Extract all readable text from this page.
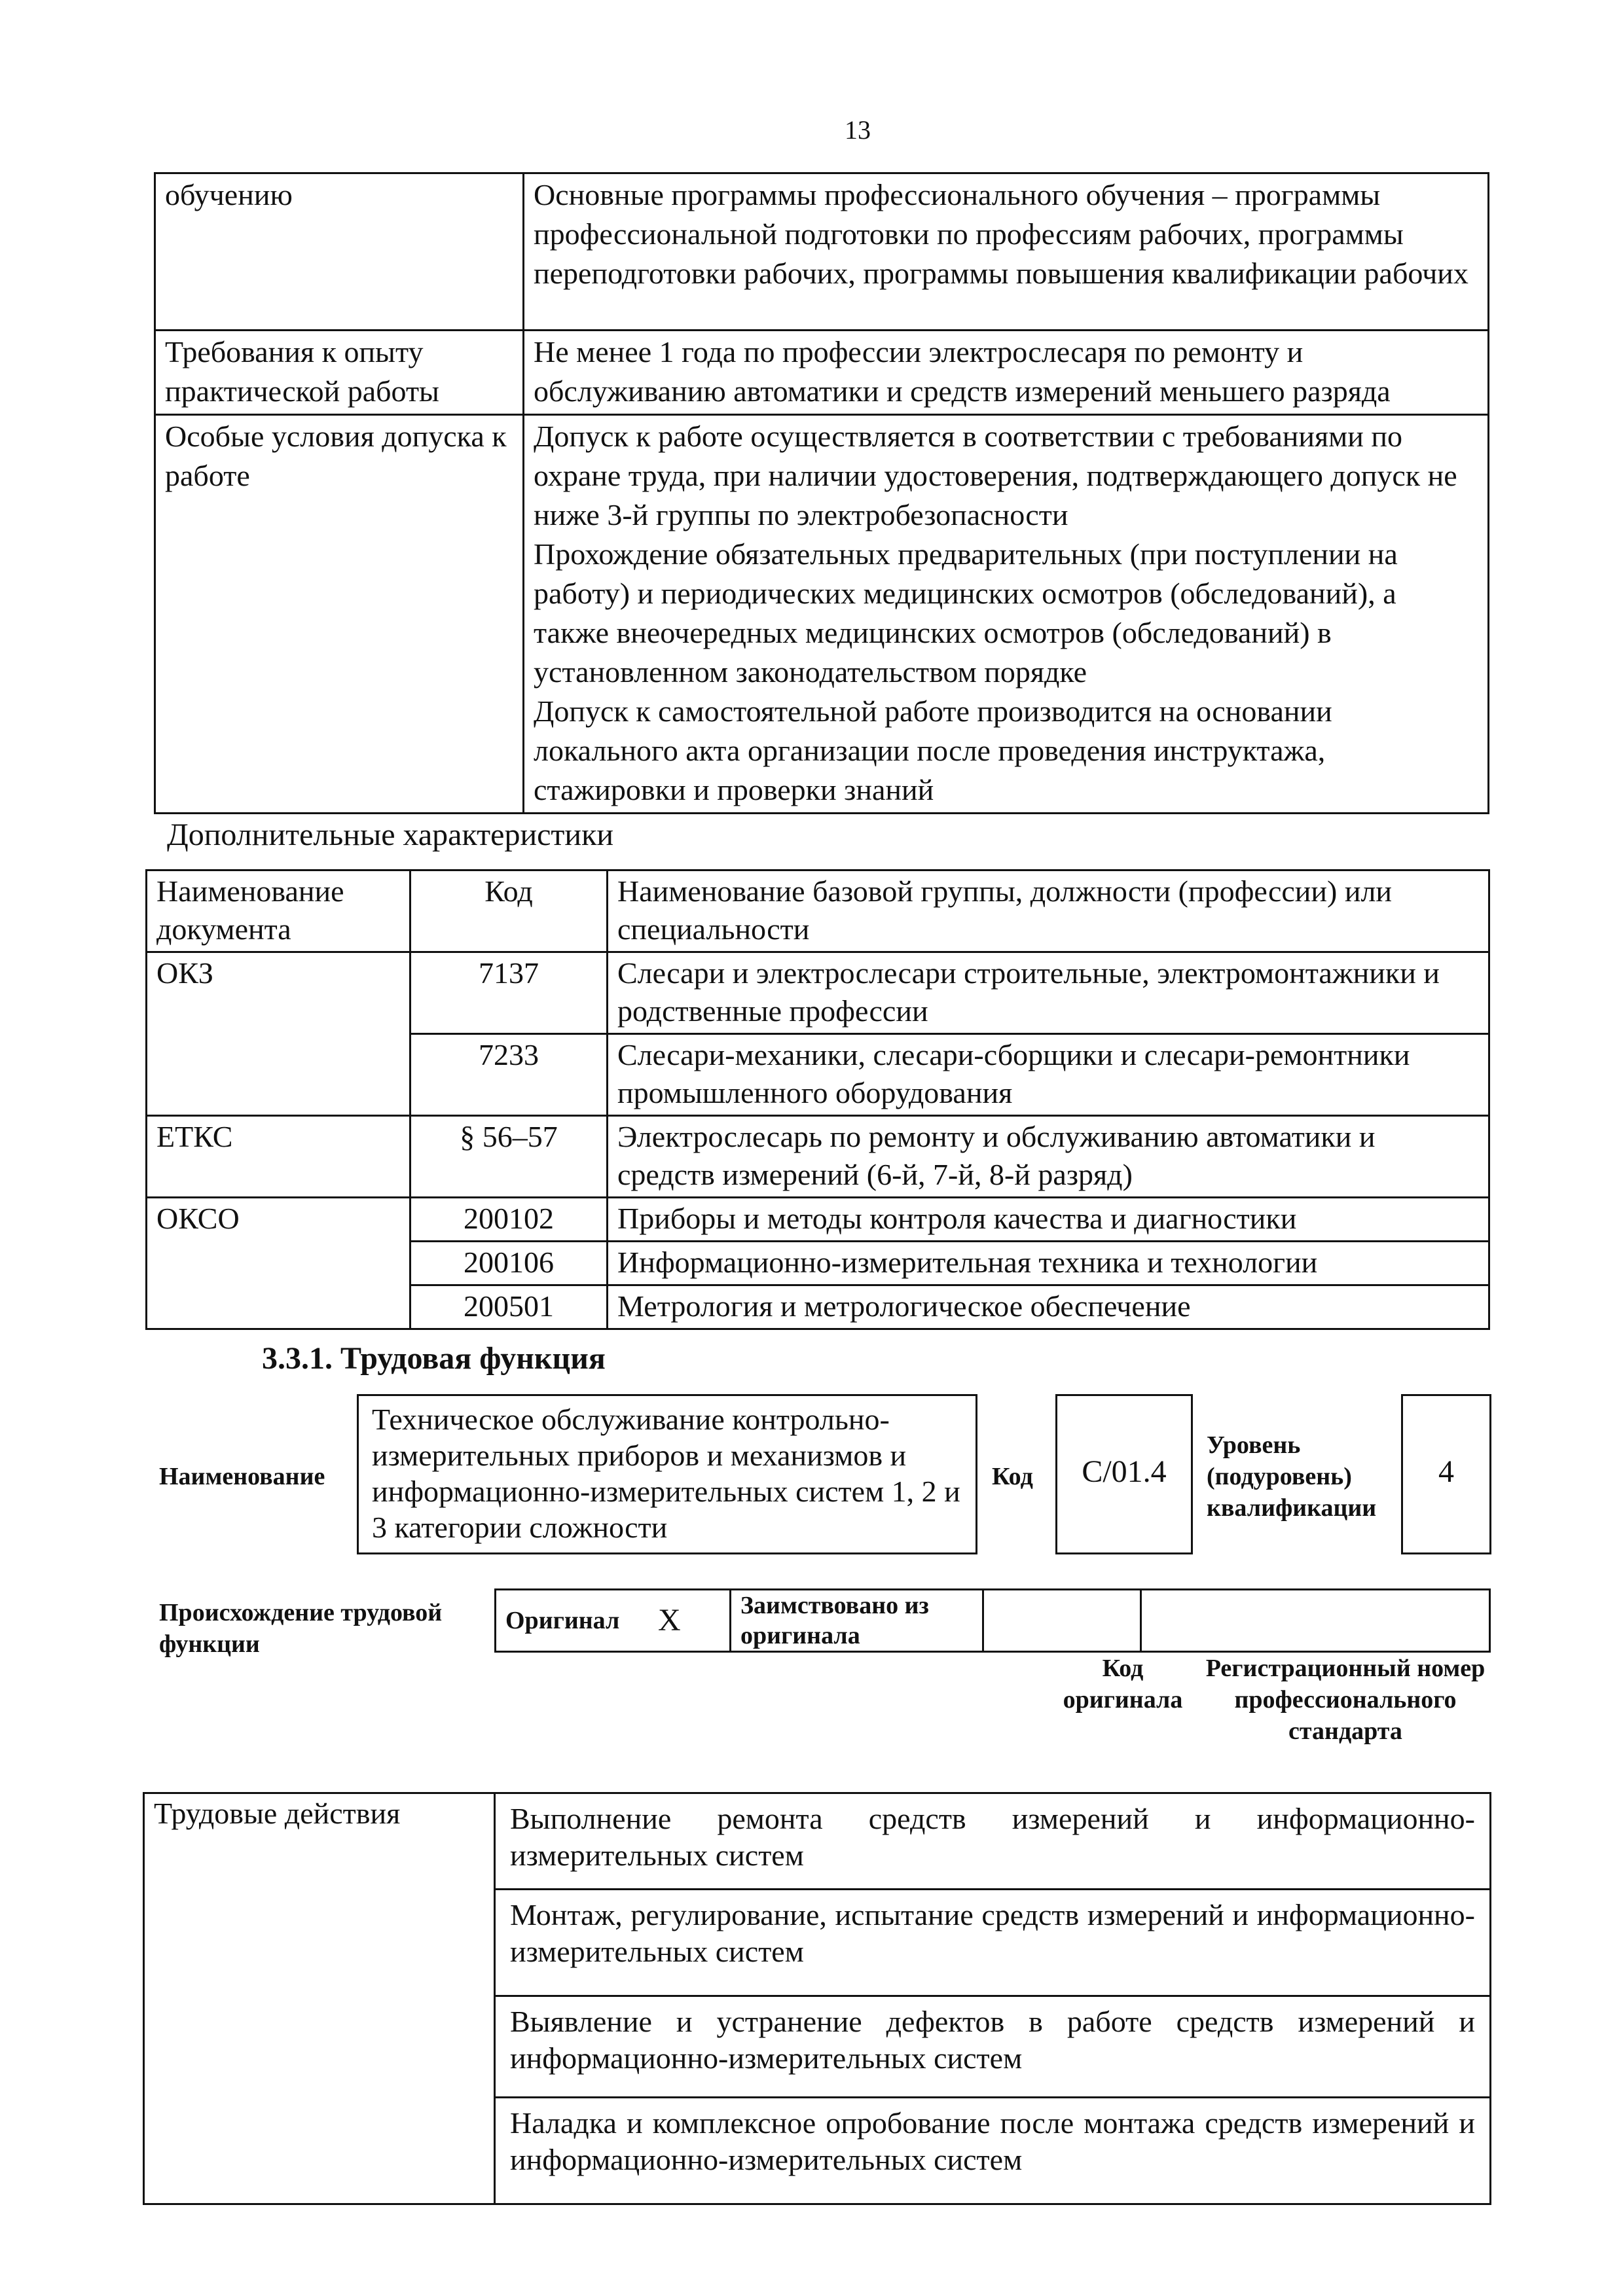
13
обучению	Основные программы профессионального обучения – программы профессиональной подготовки по профессиям рабочих, программы переподготовки рабочих, программы повышения квалификации рабочих
Требования к опыту практической работы	Не менее 1 года по профессии электрослесаря по ремонту и обслуживанию автоматики и средств измерений меньшего разряда
Особые условия допуска к работе	Допуск к работе осуществляется в соответствии с требованиями по охране труда, при наличии удостоверения, подтверждающего допуск не ниже 3-й группы по электробезопасности
Прохождение обязательных предварительных (при поступлении на работу) и периодических медицинских осмотров (обследований), а также внеочередных медицинских осмотров (обследований) в установленном законодательством порядке
Допуск к самостоятельной работе производится на основании локального акта организации после проведения инструктажа, стажировки и проверки знаний
Дополнительные характеристики
Наименование документа	Код	Наименование базовой группы, должности (профессии) или специальности
ОКЗ	7137	Слесари и электрослесари строительные, электромонтажники и родственные профессии
	7233	Слесари-механики, слесари-сборщики и слесари-ремонтники промышленного оборудования
ЕТКС	§ 56–57	Электрослесарь по ремонту и обслуживанию автоматики и средств измерений (6-й, 7-й, 8-й разряд)
ОКСО	200102	Приборы и методы контроля качества и диагностики
	200106	Информационно-измерительная техника и технологии
	200501	Метрология и метрологическое обеспечение
3.3.1. Трудовая функция
Наименование
Техническое обслуживание контрольно-измерительных приборов и механизмов и информационно-измерительных систем 1, 2 и 3 категории сложности
Код	C/01.4
Уровень (подуровень) квалификации
4
Происхождение трудовой функции
Оригинал	X	Заимствовано из оригинала		
Код оригинала
Регистрационный номер профессионального стандарта
Трудовые действия	Выполнение ремонта средств измерений и информационно-измерительных систем
Монтаж, регулирование, испытание средств измерений и информационно-измерительных систем
Выявление и устранение дефектов в работе средств измерений и информационно-измерительных систем
Наладка и комплексное опробование после монтажа средств измерений и информационно-измерительных систем
